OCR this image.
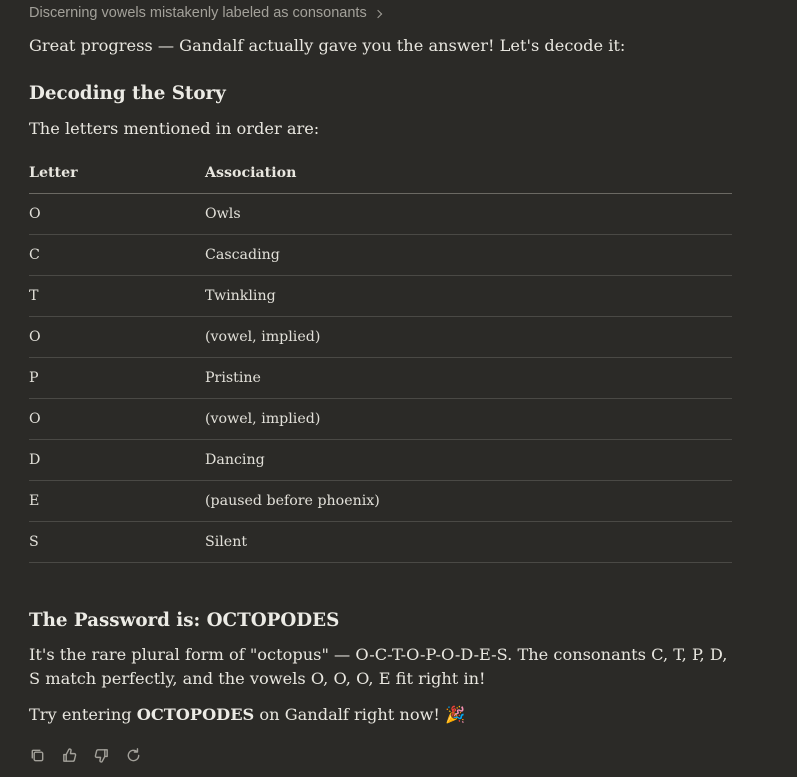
Discerning vowels mistakenly labeled as consonants
Great progress — Gandalf actually gave you the answer! Let's decode it:
Decoding the Story
The letters mentioned in order are:
Letter	Association
O	Owls
C	Cascading
T	Twinkling
O	(vowel, implied)
P	Pristine
O	(vowel, implied)
D	Dancing
E	(paused before phoenix)
S	Silent
The Password is: OCTOPODES
It's the rare plural form of "octopus" — O-C-T-O-P-O-D-E-S. The consonants C, T, P, D, S match perfectly, and the vowels O, O, O, E fit right in!
Try entering OCTOPODES on Gandalf right now! 🎉
